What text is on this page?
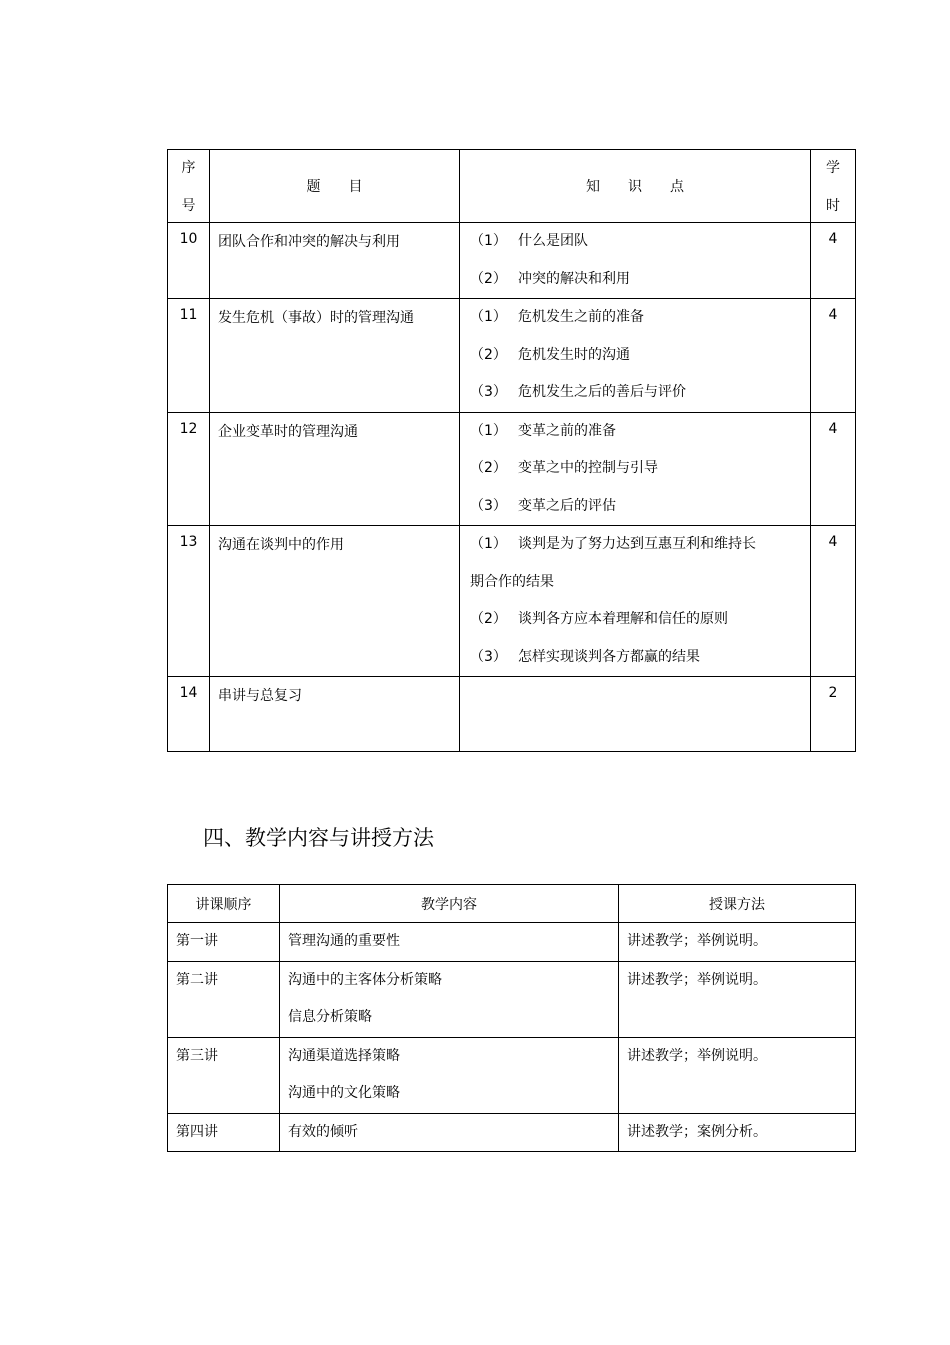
序
号	题 目	知 识 点	学
时

10	团队合作和冲突的解决与利用	（1） 什么是团队
（2） 冲突的解决和利用	4
11	发生危机（事故）时的管理沟通	（1） 危机发生之前的准备
（2） 危机发生时的沟通
（3） 危机发生之后的善后与评价	4
12	企业变革时的管理沟通	（1） 变革之前的准备
（2） 变革之中的控制与引导
（3） 变革之后的评估	4
13	沟通在谈判中的作用	（1） 谈判是为了努力达到互惠互利和维持长
期合作的结果
（2） 谈判各方应本着理解和信任的原则
（3） 怎样实现谈判各方都赢的结果	4
14	串讲与总复习		2
四、教学内容与讲授方法
讲课顺序	教学内容	授课方法

第一讲	管理沟通的重要性	讲述教学；举例说明。

第二讲	沟通中的主客体分析策略
信息分析策略	讲述教学；举例说明。

第三讲	沟通渠道选择策略
沟通中的文化策略	讲述教学；举例说明。

第四讲	有效的倾听	讲述教学；案例分析。
